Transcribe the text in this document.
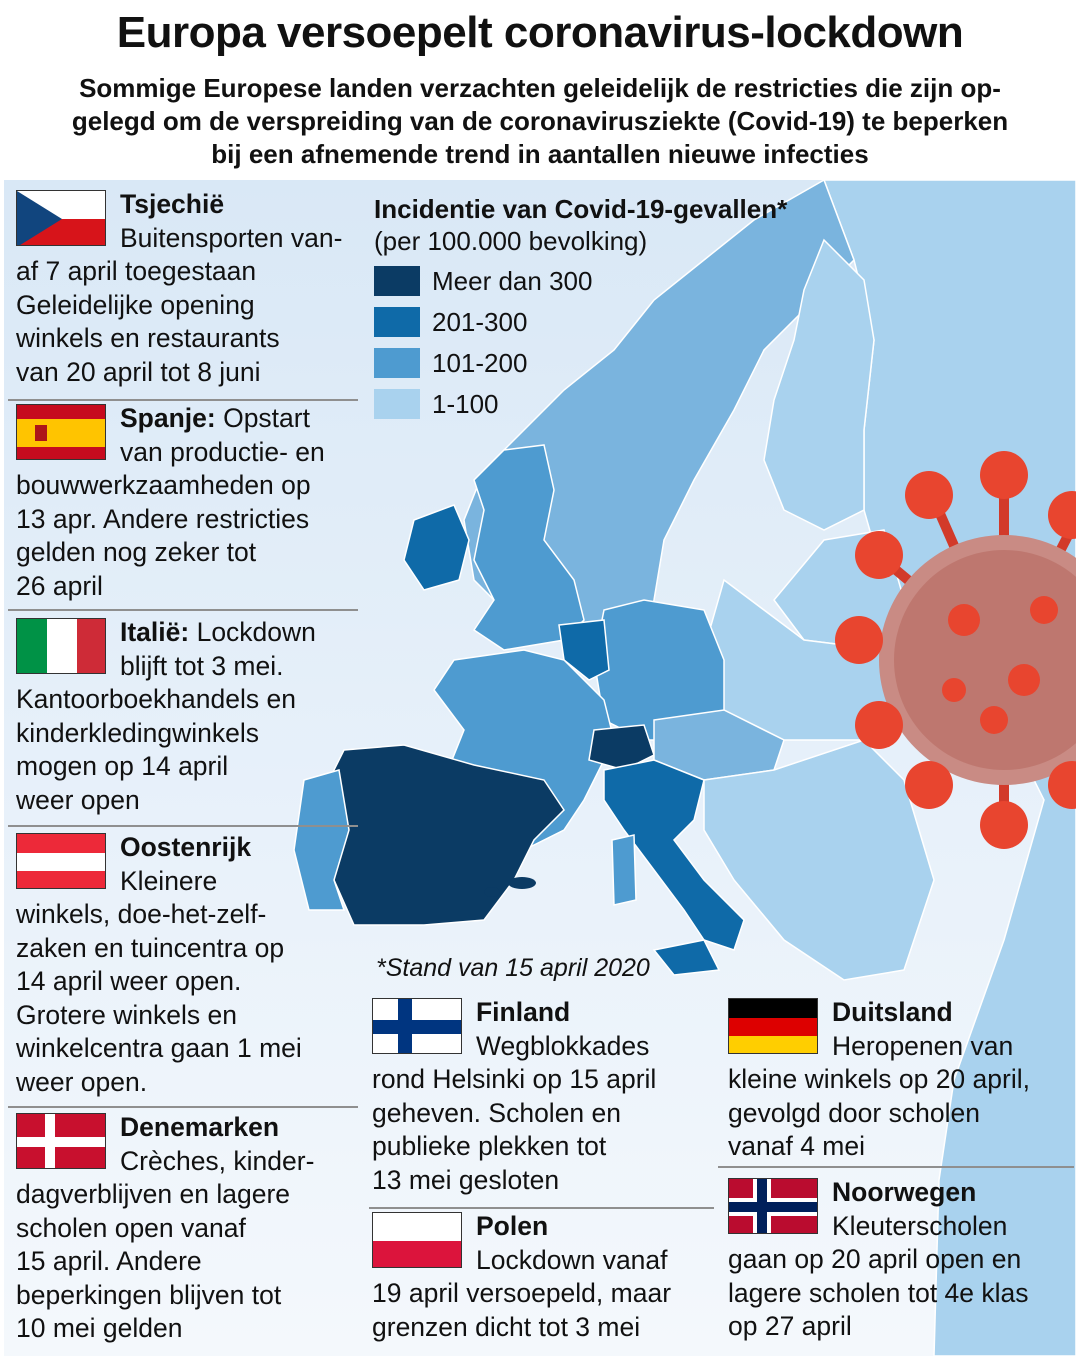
Europa versoepelt coronavirus-lockdown
Sommige Europese landen verzachten geleidelijk de restricties die zijn op-
gelegd om de verspreiding van de coronavirusziekte (Covid-19) te beperken
bij een afnemende trend in aantallen nieuwe infecties
Incidentie van Covid-19-gevallen*
(per 100.000 bevolking)
Meer dan 300
201-300
101-200
1-100
*Stand van 15 april 2020
Tsjechië
Buitensporten van-
af 7 april toegestaan
Geleidelijke opening
winkels en restaurants
van 20 april tot 8 juni
Spanje: Opstart
van productie- en
bouwwerkzaamheden op
13 apr. Andere restricties
gelden nog zeker tot
26 april
Italië: Lockdown
blijft tot 3 mei.
Kantoorboekhandels en
kinderkledingwinkels
mogen op 14 april
weer open
Oostenrijk
Kleinere
winkels, doe-het-zelf-
zaken en tuincentra op
14 april weer open.
Grotere winkels en
winkelcentra gaan 1 mei
weer open.
Denemarken
Crèches, kinder-
dagverblijven en lagere
scholen open vanaf
15 april. Andere
beperkingen blijven tot
10 mei gelden
Finland
Wegblokkades
rond Helsinki op 15 april
geheven. Scholen en
publieke plekken tot
13 mei gesloten
Polen
Lockdown vanaf
19 april versoepeld, maar
grenzen dicht tot 3 mei
Duitsland
Heropenen van
kleine winkels op 20 april,
gevolgd door scholen
vanaf 4 mei
Noorwegen
Kleuterscholen
gaan op 20 april open en
lagere scholen tot 4e klas
op 27 april
